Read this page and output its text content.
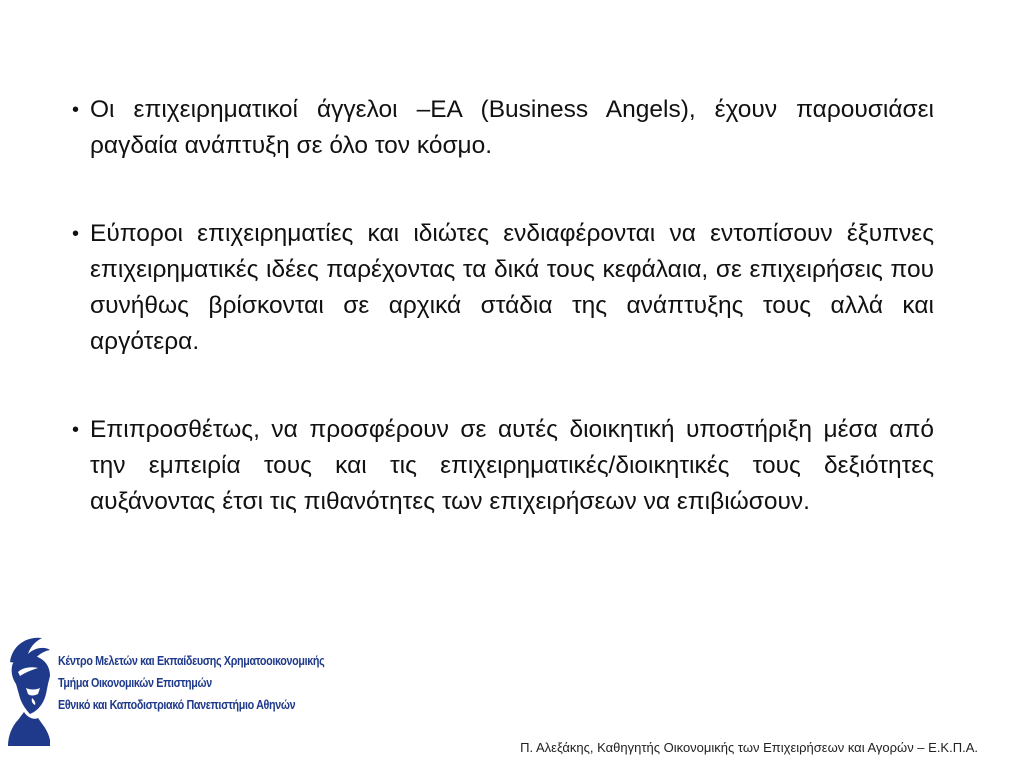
• Οι επιχειρηματικοί άγγελοι –ΕΑ (Business Angels), έχουν παρουσιάσει ραγδαία ανάπτυξη σε όλο τον κόσμο.
• Εύποροι επιχειρηματίες και ιδιώτες ενδιαφέρονται να εντοπίσουν έξυπνες επιχειρηματικές ιδέες παρέχοντας τα δικά τους κεφάλαια, σε επιχειρήσεις που συνήθως βρίσκονται σε αρχικά στάδια της ανάπτυξης τους αλλά και αργότερα.
• Επιπροσθέτως, να προσφέρουν σε αυτές διοικητική υποστήριξη μέσα από την εμπειρία τους και τις επιχειρηματικές/διοικητικές τους δεξιότητες αυξάνοντας έτσι τις πιθανότητες των επιχειρήσεων να επιβιώσουν.
Κέντρο Μελετών και Εκπαίδευσης Χρηματοοικονομικής
Τμήμα Οικονομικών Επιστημών
Εθνικό και Καποδιστριακό Πανεπιστήμιο Αθηνών
Π. Αλεξάκης, Καθηγητής Οικονομικής των Επιχειρήσεων και Αγορών – Ε.Κ.Π.Α.
